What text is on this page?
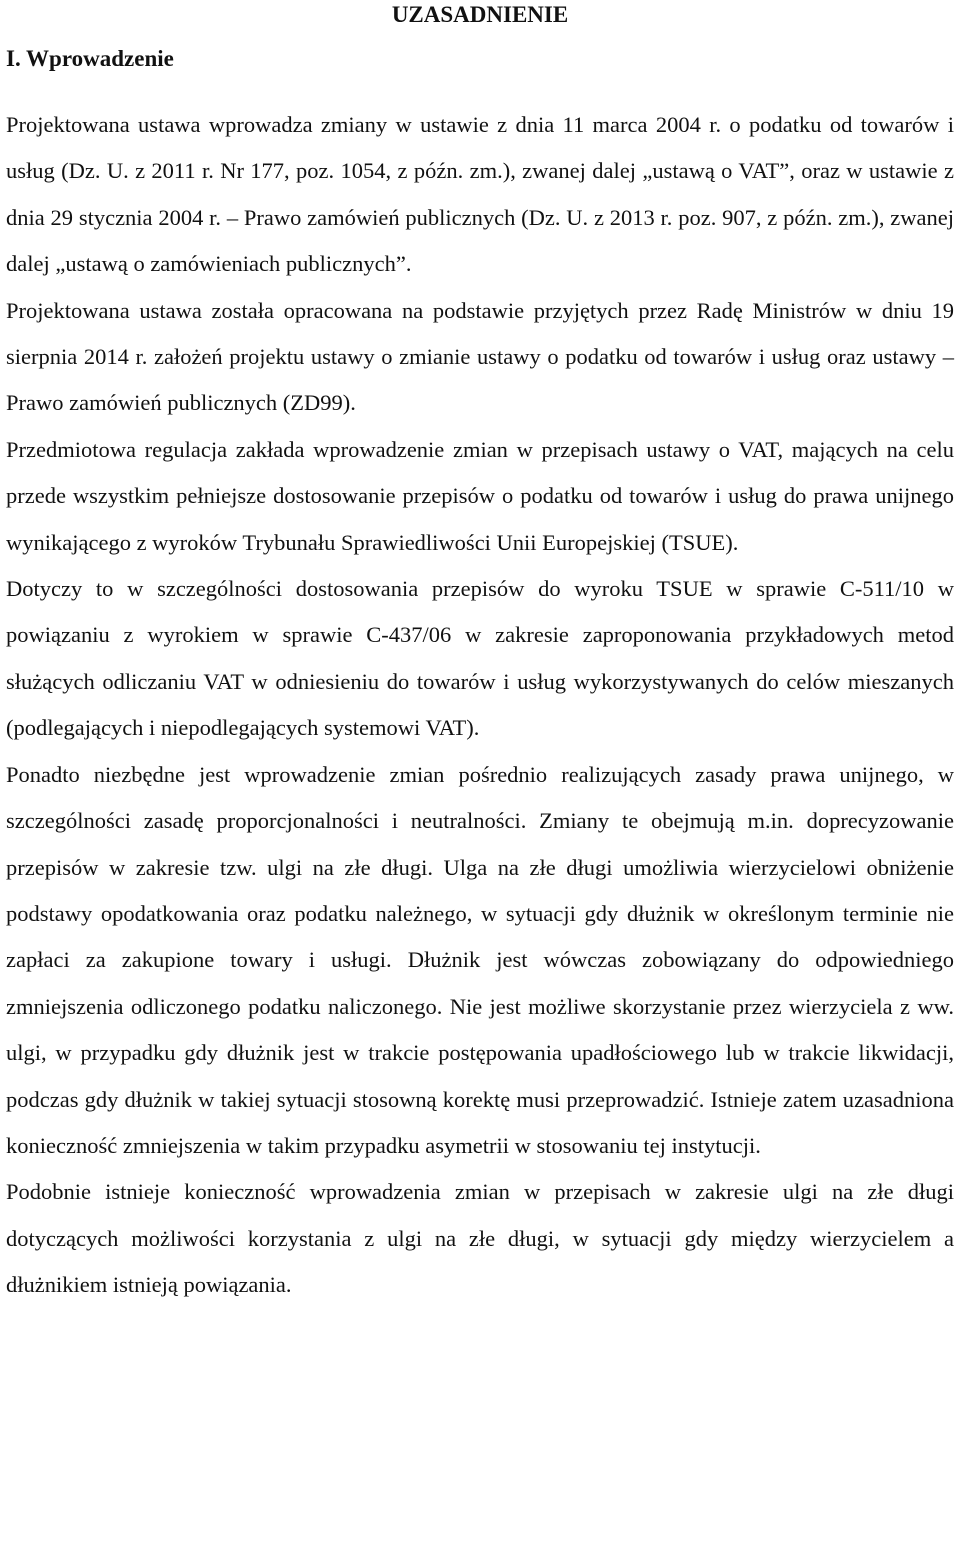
UZASADNIENIE
I. Wprowadzenie

Projektowana ustawa wprowadza zmiany w ustawie z dnia 11 marca 2004 r. o podatku od towarów i usług (Dz. U. z 2011 r. Nr 177, poz. 1054, z późn. zm.), zwanej dalej „ustawą o VAT”, oraz w ustawie z dnia 29 stycznia 2004 r. – Prawo zamówień publicznych (Dz. U. z 2013 r. poz. 907, z późn. zm.), zwanej dalej „ustawą o zamówieniach publicznych”.

Projektowana ustawa została opracowana na podstawie przyjętych przez Radę Ministrów w dniu 19 sierpnia 2014 r. założeń projektu ustawy o zmianie ustawy o podatku od towarów i usług oraz ustawy – Prawo zamówień publicznych (ZD99).

Przedmiotowa regulacja zakłada wprowadzenie zmian w przepisach ustawy o VAT, mających na celu przede wszystkim pełniejsze dostosowanie przepisów o podatku od towarów i usług do prawa unijnego wynikającego z wyroków Trybunału Sprawiedliwości Unii Europejskiej (TSUE).

Dotyczy to w szczególności dostosowania przepisów do wyroku TSUE w sprawie C-511/10 w powiązaniu z wyrokiem w sprawie C-437/06 w zakresie zaproponowania przykładowych metod służących odliczaniu VAT w odniesieniu do towarów i usług wykorzystywanych do celów mieszanych (podlegających i niepodlegających systemowi VAT).

Ponadto niezbędne jest wprowadzenie zmian pośrednio realizujących zasady prawa unijnego, w szczególności zasadę proporcjonalności i neutralności. Zmiany te obejmują m.in. doprecyzowanie przepisów w zakresie tzw. ulgi na złe długi. Ulga na złe długi umożliwia wierzycielowi obniżenie podstawy opodatkowania oraz podatku należnego, w sytuacji gdy dłużnik w określonym terminie nie zapłaci za zakupione towary i usługi. Dłużnik jest wówczas zobowiązany do odpowiedniego zmniejszenia odliczonego podatku naliczonego. Nie jest możliwe skorzystanie przez wierzyciela z ww. ulgi, w przypadku gdy dłużnik jest w trakcie postępowania upadłościowego lub w trakcie likwidacji, podczas gdy dłużnik w takiej sytuacji stosowną korektę musi przeprowadzić. Istnieje zatem uzasadniona konieczność zmniejszenia w takim przypadku asymetrii w stosowaniu tej instytucji.

Podobnie istnieje konieczność wprowadzenia zmian w przepisach w zakresie ulgi na złe długi dotyczących możliwości korzystania z ulgi na złe długi, w sytuacji gdy między wierzycielem a dłużnikiem istnieją powiązania.
